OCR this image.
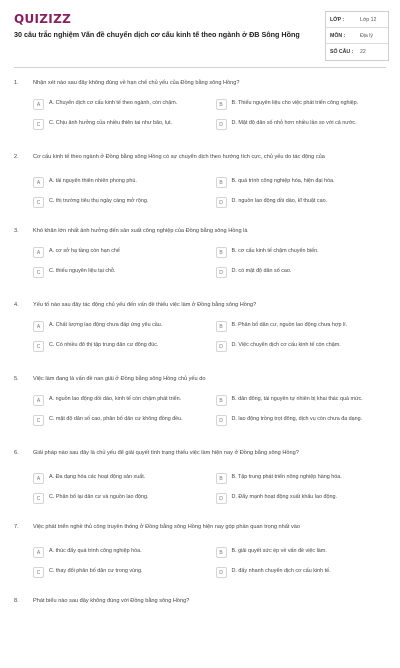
QUIZIZZ
30 câu trắc nghiệm Vấn đề chuyển dịch cơ cấu kinh tế theo ngành ở ĐB Sông Hồng
LỚP :	Lớp 12
MÔN :	Địa lý
SỐ CÂU :	22
1.	Nhận xét nào sau đây không đúng về hạn chế chủ yếu của Đồng bằng sông Hồng?
A	A. Chuyển dịch cơ cấu kinh tế theo ngành, còn chậm.	B	B. Thiếu nguyên liệu cho việc phát triển công nghiệp.
C	C. Chịu ảnh hưởng của nhiều thiên tai như bão, lụt.	D	D. Mật độ dân số nhỏ hơn nhiều lần so với cả nước.
2.	Cơ cấu kinh tế theo ngành ở Đồng bằng sông Hồng có sự chuyển dịch theo hướng tích cực, chủ yếu do tác động của
A	A. tài nguyên thiên nhiên phong phú.	B	B. quá trình công nghiệp hóa, hiện đại hóa.
C	C. thị trường tiêu thụ ngày càng mở rộng.	D	D. nguồn lao động dồi dào, kĩ thuật cao.
3.	Khó khăn lớn nhất ảnh hưởng đến sản xuất công nghiệp của Đồng bằng sông Hồng là
A	A. cơ sở hạ tầng còn hạn chế	B	B. cơ cấu kinh tế chậm chuyển biến.
C	C. thiếu nguyên liệu tại chỗ.	D	D. có mật độ dân số cao.
4.	Yếu tố nào sau đây tác động chủ yếu đến vấn đề thiếu việc làm ở Đồng bằng sông Hồng?
A	A. Chất lượng lao động chưa đáp ứng yêu cầu.	B	B. Phân bố dân cư, nguồn lao động chưa hợp lí.
C	C. Có nhiều đô thị tập trung dân cư đông đúc.	D	D. Việc chuyển dịch cơ cấu kinh tế còn chậm.
5.	Việc làm đang là vấn đề nan giải ở Đồng bằng sông Hồng chủ yếu do
A	A. nguồn lao động dồi dào, kinh tế còn chậm phát triển.	B	B. dân đông, tài nguyên tự nhiên bị khai thác quá mức.
C	C. mật độ dân số cao, phân bố dân cư không đồng đều.	D	D. lao động trồng trọt đông, dịch vụ còn chưa đa dạng.
6.	Giải pháp nào sau đây là chủ yếu để giải quyết tình trạng thiếu việc làm hiện nay ở Đồng bằng sông Hồng?
A	A. Đa dạng hóa các hoạt động sản xuất.	B	B. Tập trung phát triển nông nghiệp hàng hóa.
C	C. Phân bố lại dân cư và nguồn lao động.	D	D. Đẩy mạnh hoạt động xuất khẩu lao động.
7.	Việc phát triển nghề thủ công truyền thống ở Đồng bằng sông Hồng hiện nay góp phần quan trọng nhất vào
A	A. thúc đẩy quá trình công nghiệp hóa.	B	B. giải quyết sức ép về vấn đề việc làm.
C	C. thay đổi phân bố dân cư trong vùng.	D	D. đẩy nhanh chuyển dịch cơ cấu kinh tế.
8.	Phát biểu nào sau đây không đúng với Đồng bằng sông Hồng?
